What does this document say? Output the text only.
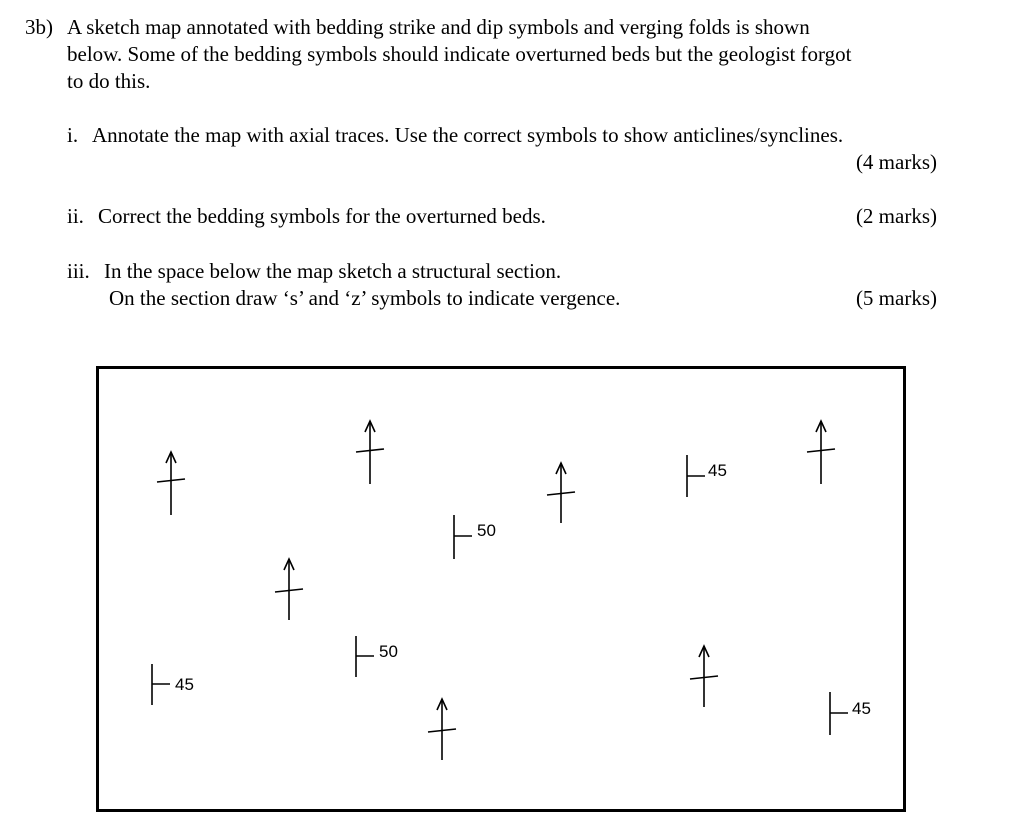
3b) A sketch map annotated with bedding strike and dip symbols and verging folds is shown
below. Some of the bedding symbols should indicate overturned beds but the geologist forgot
to do this.
i. Annotate the map with axial traces. Use the correct symbols to show anticlines/synclines.
(4 marks)
ii. Correct the bedding symbols for the overturned beds.	(2 marks)
iii. In the space below the map sketch a structural section.
On the section draw ‘s’ and ‘z’ symbols to indicate vergence.	(5 marks)
45
50
50
45
45
